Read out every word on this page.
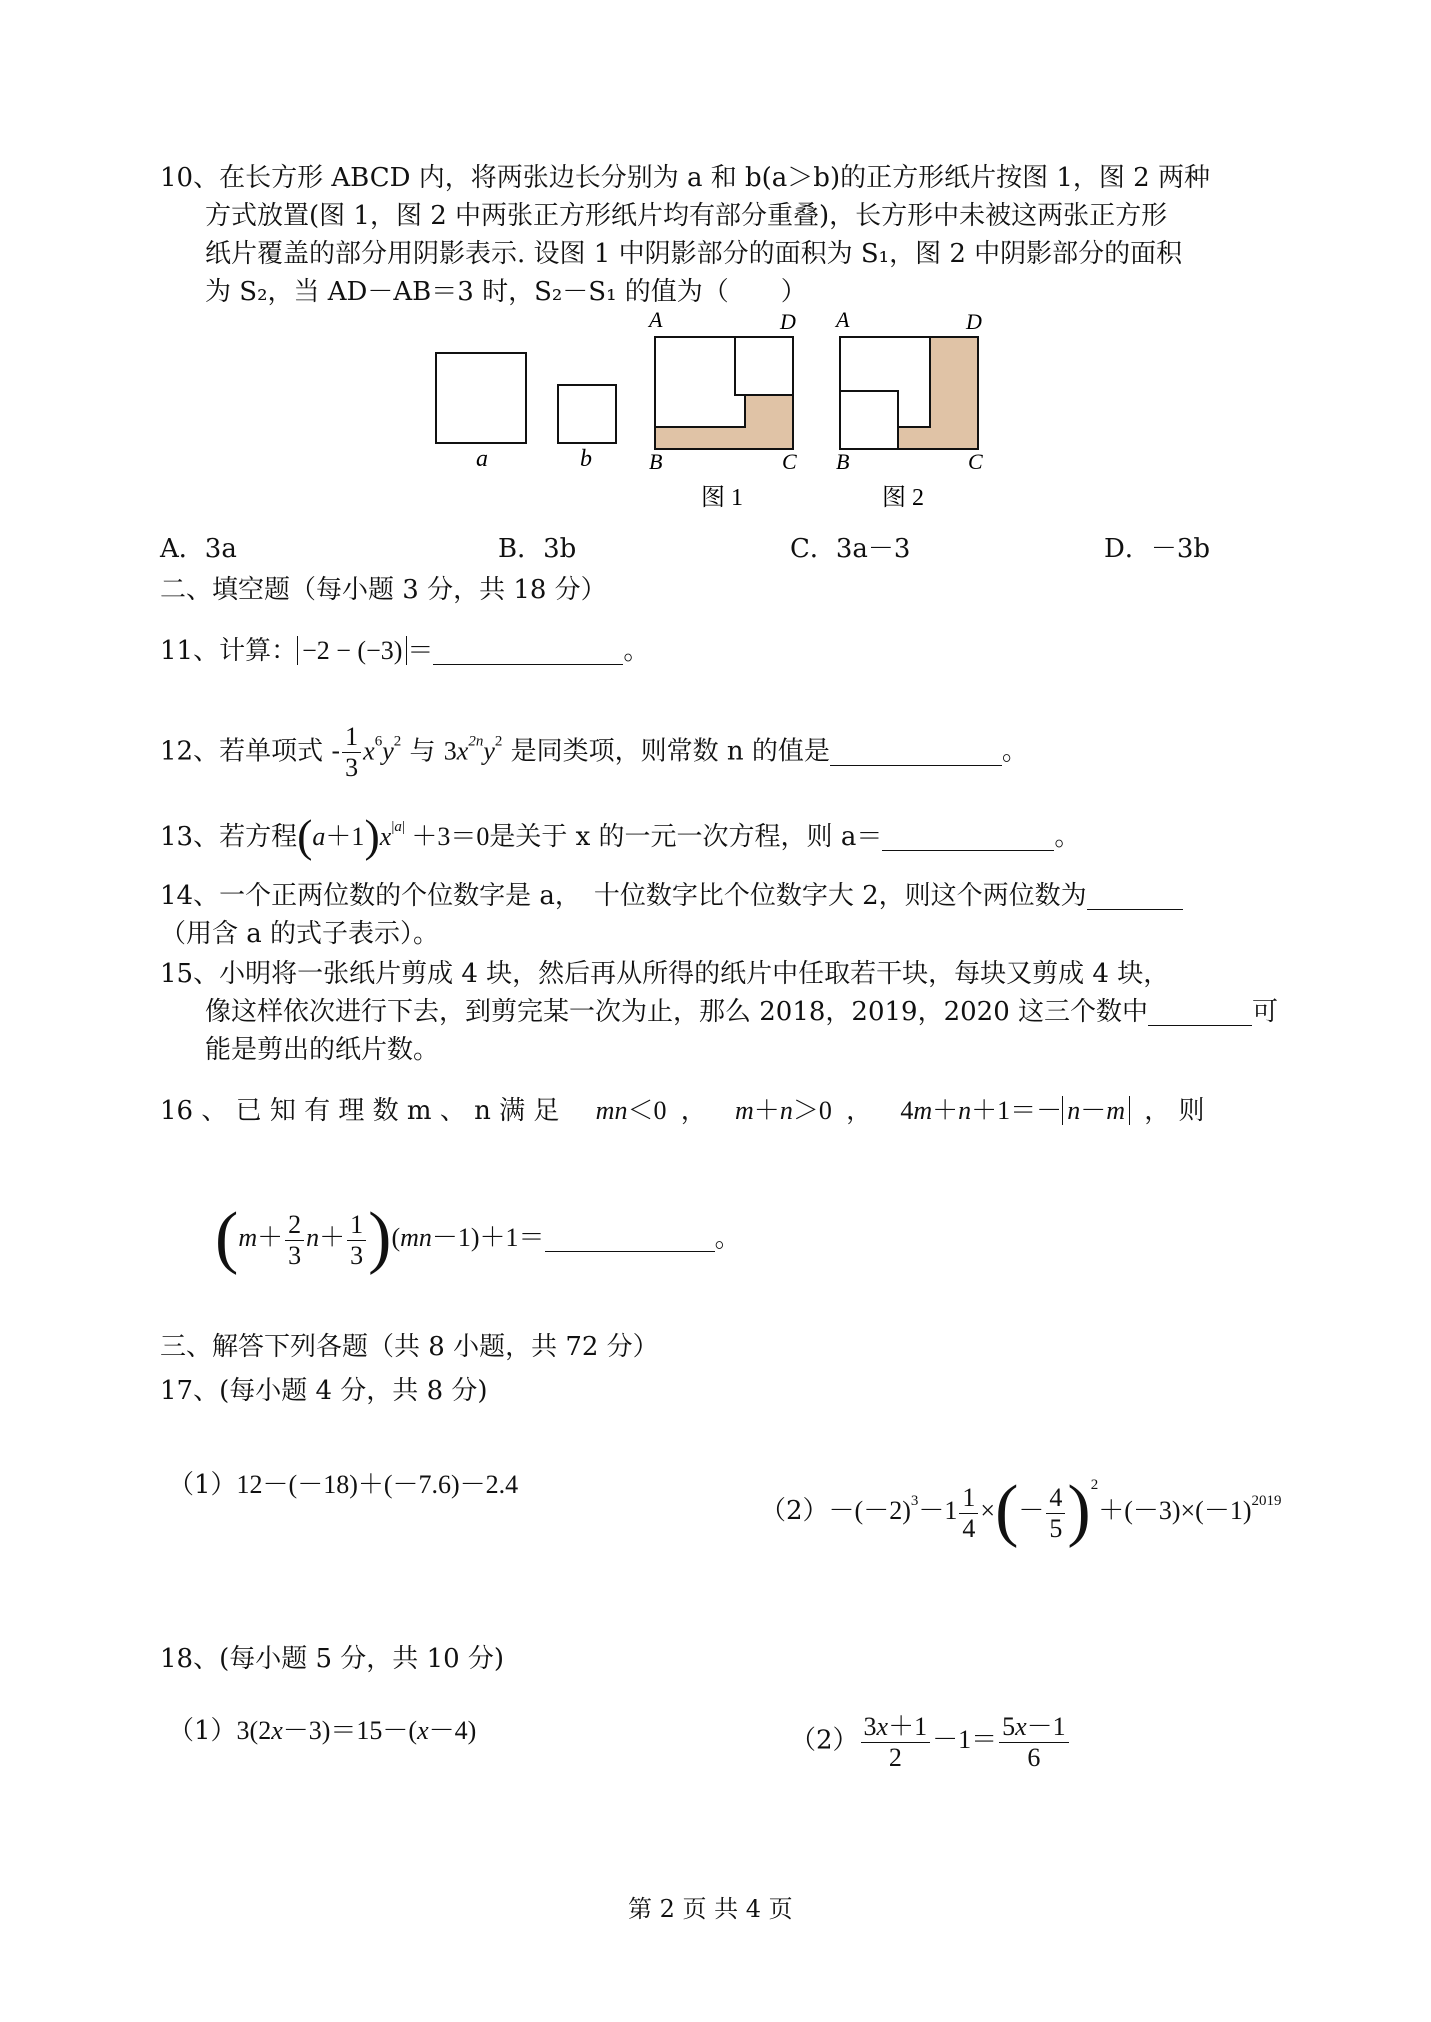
10、在长方形 ABCD 内，将两张边长分别为 a 和 b(a＞b)的正方形纸片按图 1，图 2 两种
方式放置(图 1，图 2 中两张正方形纸片均有部分重叠)，长方形中未被这两张正方形
纸片覆盖的部分用阴影表示. 设图 1 中阴影部分的面积为 S₁，图 2 中阴影部分的面积
为 S₂，当 AD－AB＝3 时，S₂－S₁ 的值为（　　）
a	b
A	D
B	C
图 1
A	D
B	C
图 2
A．3a	B．3b	C．3a－3	D．－3b
二、填空题（每小题 3 分，共 18 分）
11、计算： −2 − (−3) ＝	。
12、若单项式 - $\frac{1}{3} x^6y^2$ 与 $3x^{2n}y^2$ 是同类项，则常数 n 的值是	。
13、若方程$(a+1)x^{|a|} +3=0$是关于 x 的一元一次方程，则 a＝	。
14、一个正两位数的个位数字是 a，　十位数字比个位数字大 2，则这个两位数为
（用含 a 的式子表示）。
15、小明将一张纸片剪成 4 块，然后再从所得的纸片中任取若干块，每块又剪成 4 块，
像这样依次进行下去，到剪完某一次为止，那么 2018，2019，2020 这三个数中	可
能是剪出的纸片数。
16 、 已 知 有 理 数 m 、 n 满 足 mn＜0 ， m＋n＞0 ， 4m＋n＋1＝－ n－m ， 则
$(m+ \frac{2}{3} n+ \frac{1}{3} )(mn-1)+1=$	。
三、解答下列各题（共 8 小题，共 72 分）
17、(每小题 4 分，共 8 分)
（1）12－(－18)＋(－7.6)－2.4
$(2)-(-2)^3-1 \frac{1}{4}$ ×(－ $\frac{4}{5} )^2+(-3)\times(-1)^{2019}$
18、(每小题 5 分，共 10 分)
（1）3(2x－3)＝15－(x－4)	$(2) \frac{3x+1}{2} -1= \frac{5x-1}{6}$
第 2 页 共 4 页
